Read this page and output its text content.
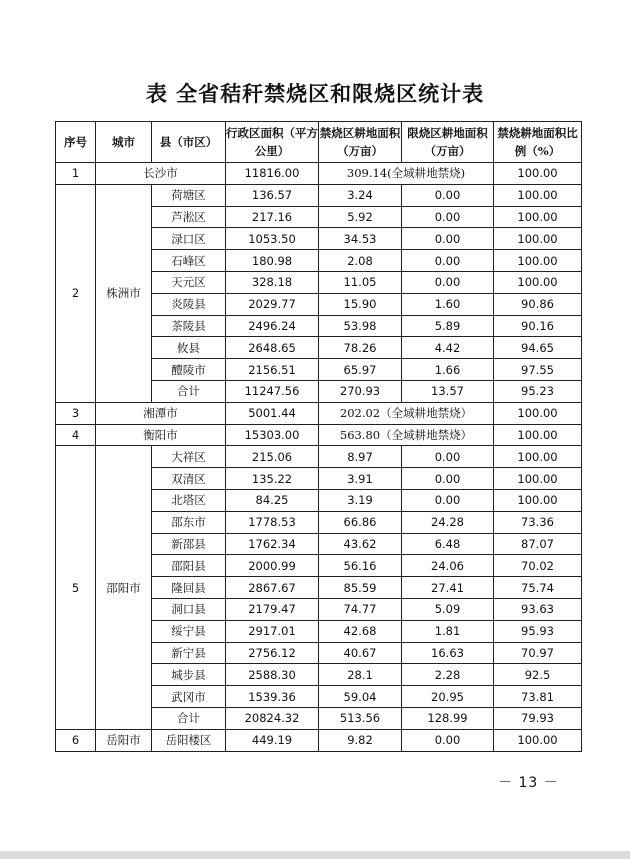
表 全省秸秆禁烧区和限烧区统计表
序号	城市	县（市区）	行政区面积（平方公里）	禁烧区耕地面积（万亩）	限烧区耕地面积（万亩）	禁烧耕地面积比例（%）
1	长沙市		11816.00	309.14(全域耕地禁烧)		100.00
2	株洲市	荷塘区	136.57	3.24	0.00	100.00
		芦淞区	217.16	5.92	0.00	100.00
		渌口区	1053.50	34.53	0.00	100.00
		石峰区	180.98	2.08	0.00	100.00
		天元区	328.18	11.05	0.00	100.00
		炎陵县	2029.77	15.90	1.60	90.86
		茶陵县	2496.24	53.98	5.89	90.16
		攸县	2648.65	78.26	4.42	94.65
		醴陵市	2156.51	65.97	1.66	97.55
		合计	11247.56	270.93	13.57	95.23
3	湘潭市		5001.44	202.02（全域耕地禁烧）		100.00
4	衡阳市		15303.00	563.80（全域耕地禁烧）		100.00
5	邵阳市	大祥区	215.06	8.97	0.00	100.00
		双清区	135.22	3.91	0.00	100.00
		北塔区	84.25	3.19	0.00	100.00
		邵东市	1778.53	66.86	24.28	73.36
		新邵县	1762.34	43.62	6.48	87.07
		邵阳县	2000.99	56.16	24.06	70.02
		隆回县	2867.67	85.59	27.41	75.74
		洞口县	2179.47	74.77	5.09	93.63
		绥宁县	2917.01	42.68	1.81	95.93
		新宁县	2756.12	40.67	16.63	70.97
		城步县	2588.30	28.1	2.28	92.5
		武冈市	1539.36	59.04	20.95	73.81
		合计	20824.32	513.56	128.99	79.93
6	岳阳市	岳阳楼区	449.19	9.82	0.00	100.00
－ 13 －
